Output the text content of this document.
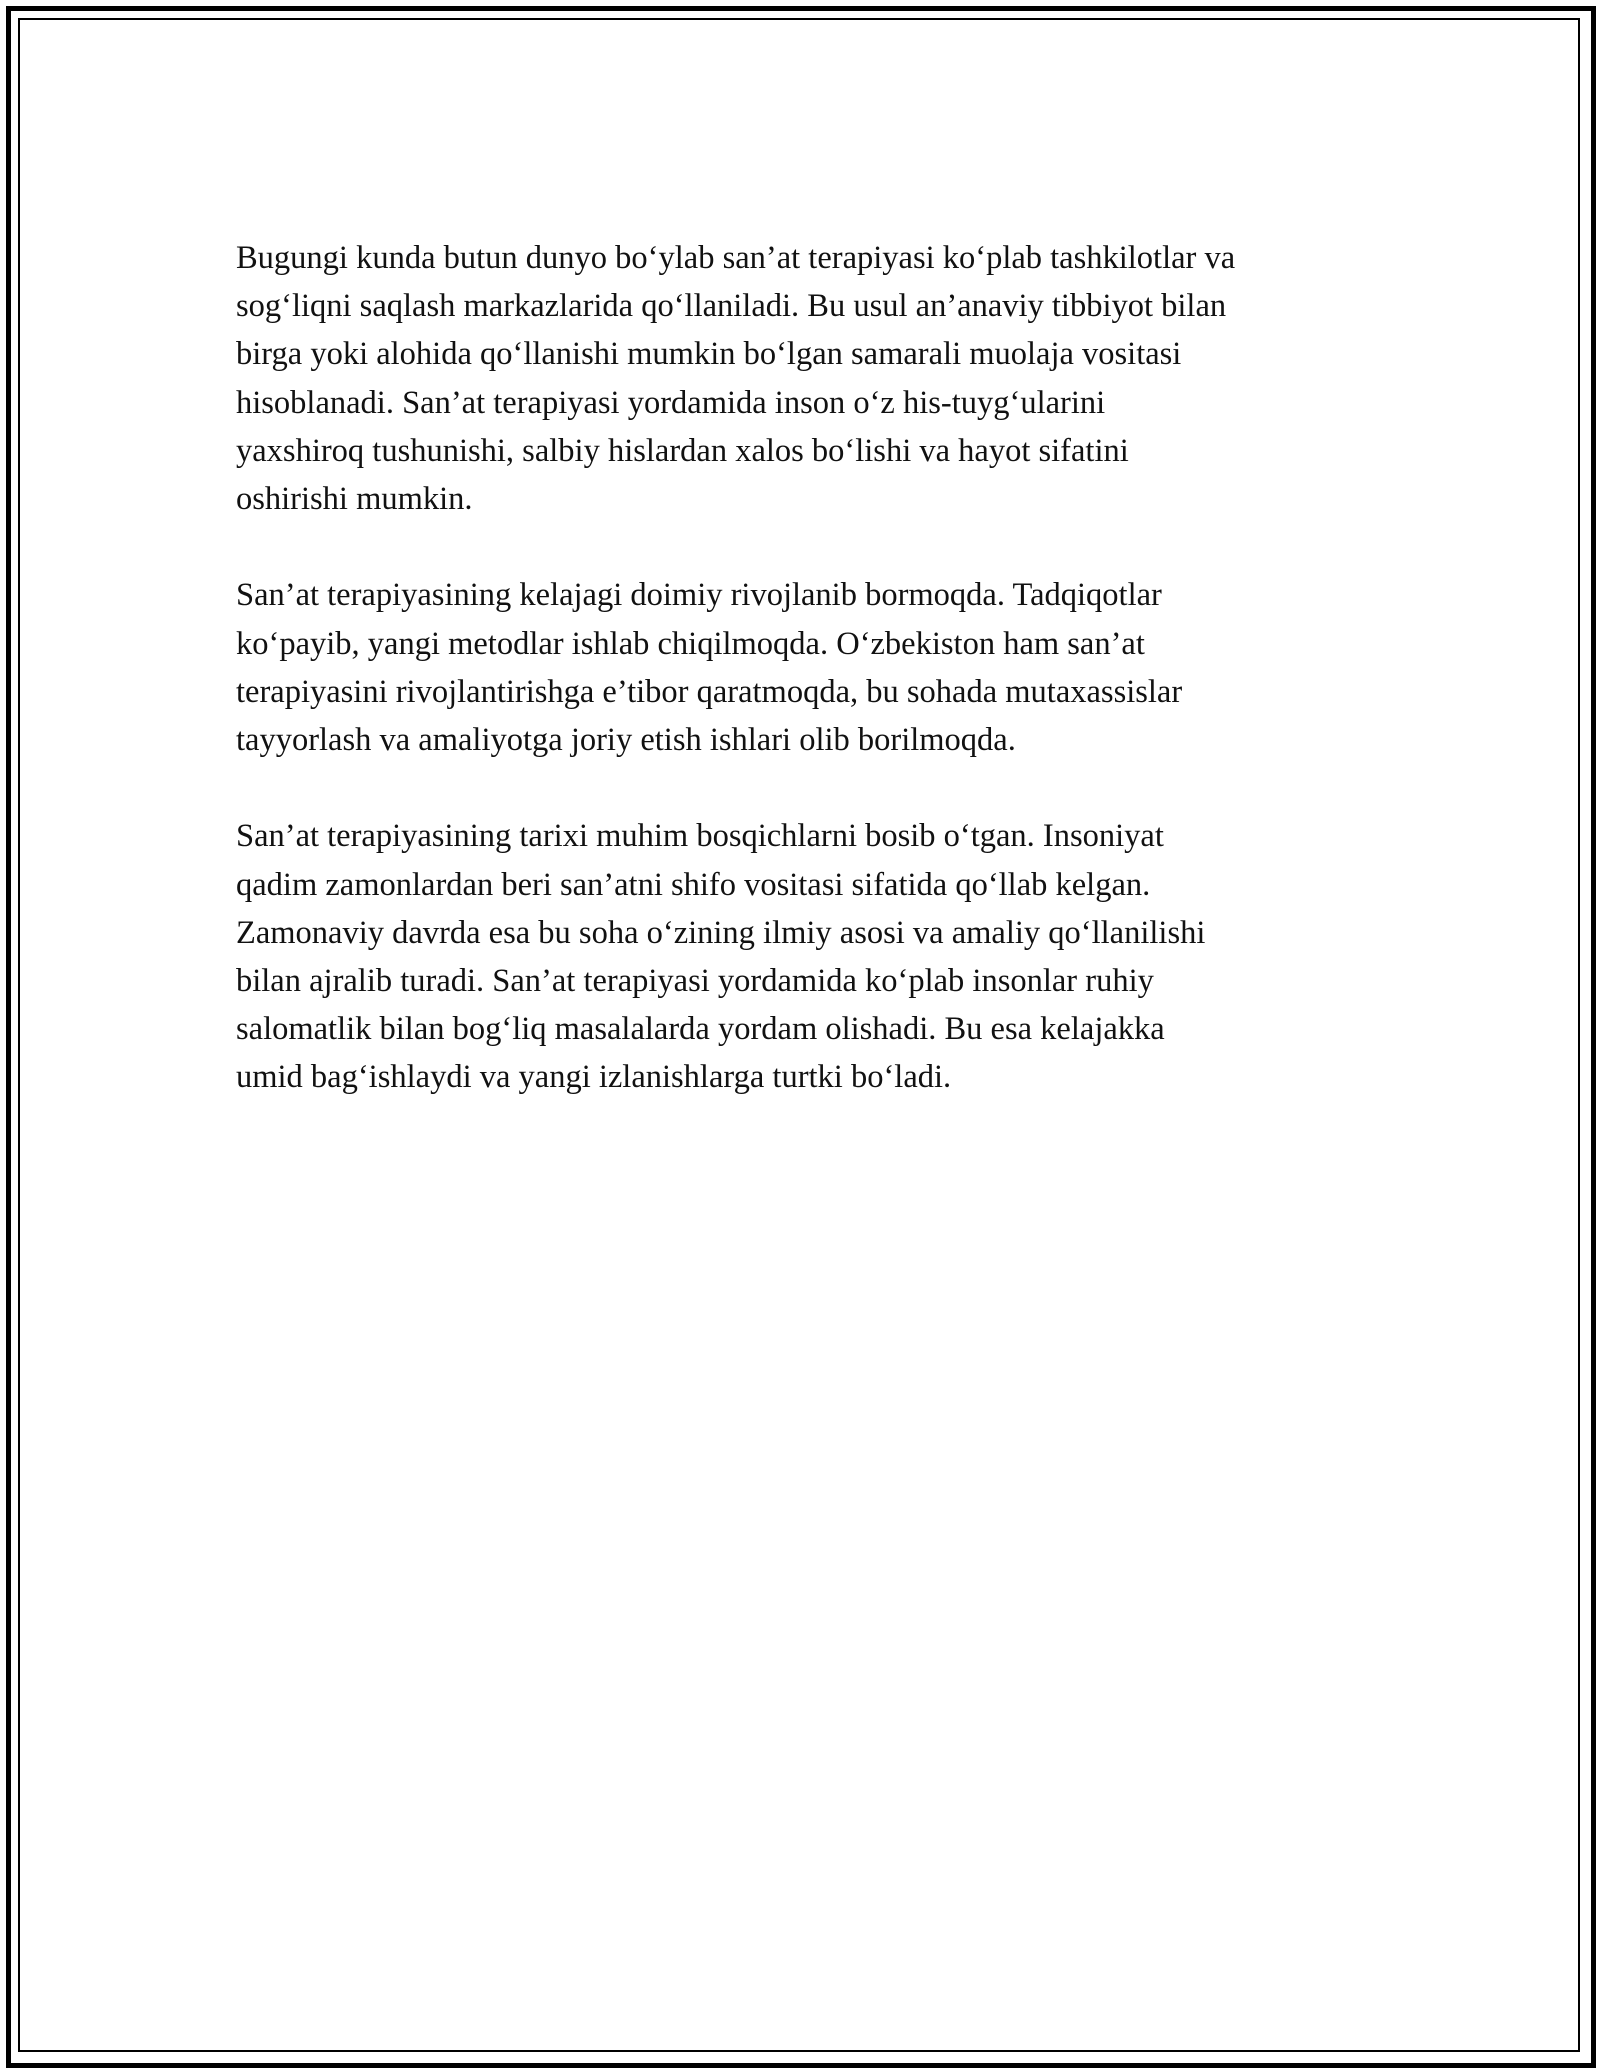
Bugungi kunda butun dunyo bo‘ylab san’at terapiyasi ko‘plab tashkilotlar va
sog‘liqni saqlash markazlarida qo‘llaniladi. Bu usul an’anaviy tibbiyot bilan
birga yoki alohida qo‘llanishi mumkin bo‘lgan samarali muolaja vositasi
hisoblanadi. San’at terapiyasi yordamida inson o‘z his-tuyg‘ularini
yaxshiroq tushunishi, salbiy hislardan xalos bo‘lishi va hayot sifatini
oshirishi mumkin.

San’at terapiyasining kelajagi doimiy rivojlanib bormoqda. Tadqiqotlar
ko‘payib, yangi metodlar ishlab chiqilmoqda. O‘zbekiston ham san’at
terapiyasini rivojlantirishga e’tibor qaratmoqda, bu sohada mutaxassislar
tayyorlash va amaliyotga joriy etish ishlari olib borilmoqda.

San’at terapiyasining tarixi muhim bosqichlarni bosib o‘tgan. Insoniyat
qadim zamonlardan beri san’atni shifo vositasi sifatida qo‘llab kelgan.
Zamonaviy davrda esa bu soha o‘zining ilmiy asosi va amaliy qo‘llanilishi
bilan ajralib turadi. San’at terapiyasi yordamida ko‘plab insonlar ruhiy
salomatlik bilan bog‘liq masalalarda yordam olishadi. Bu esa kelajakka
umid bag‘ishlaydi va yangi izlanishlarga turtki bo‘ladi.
